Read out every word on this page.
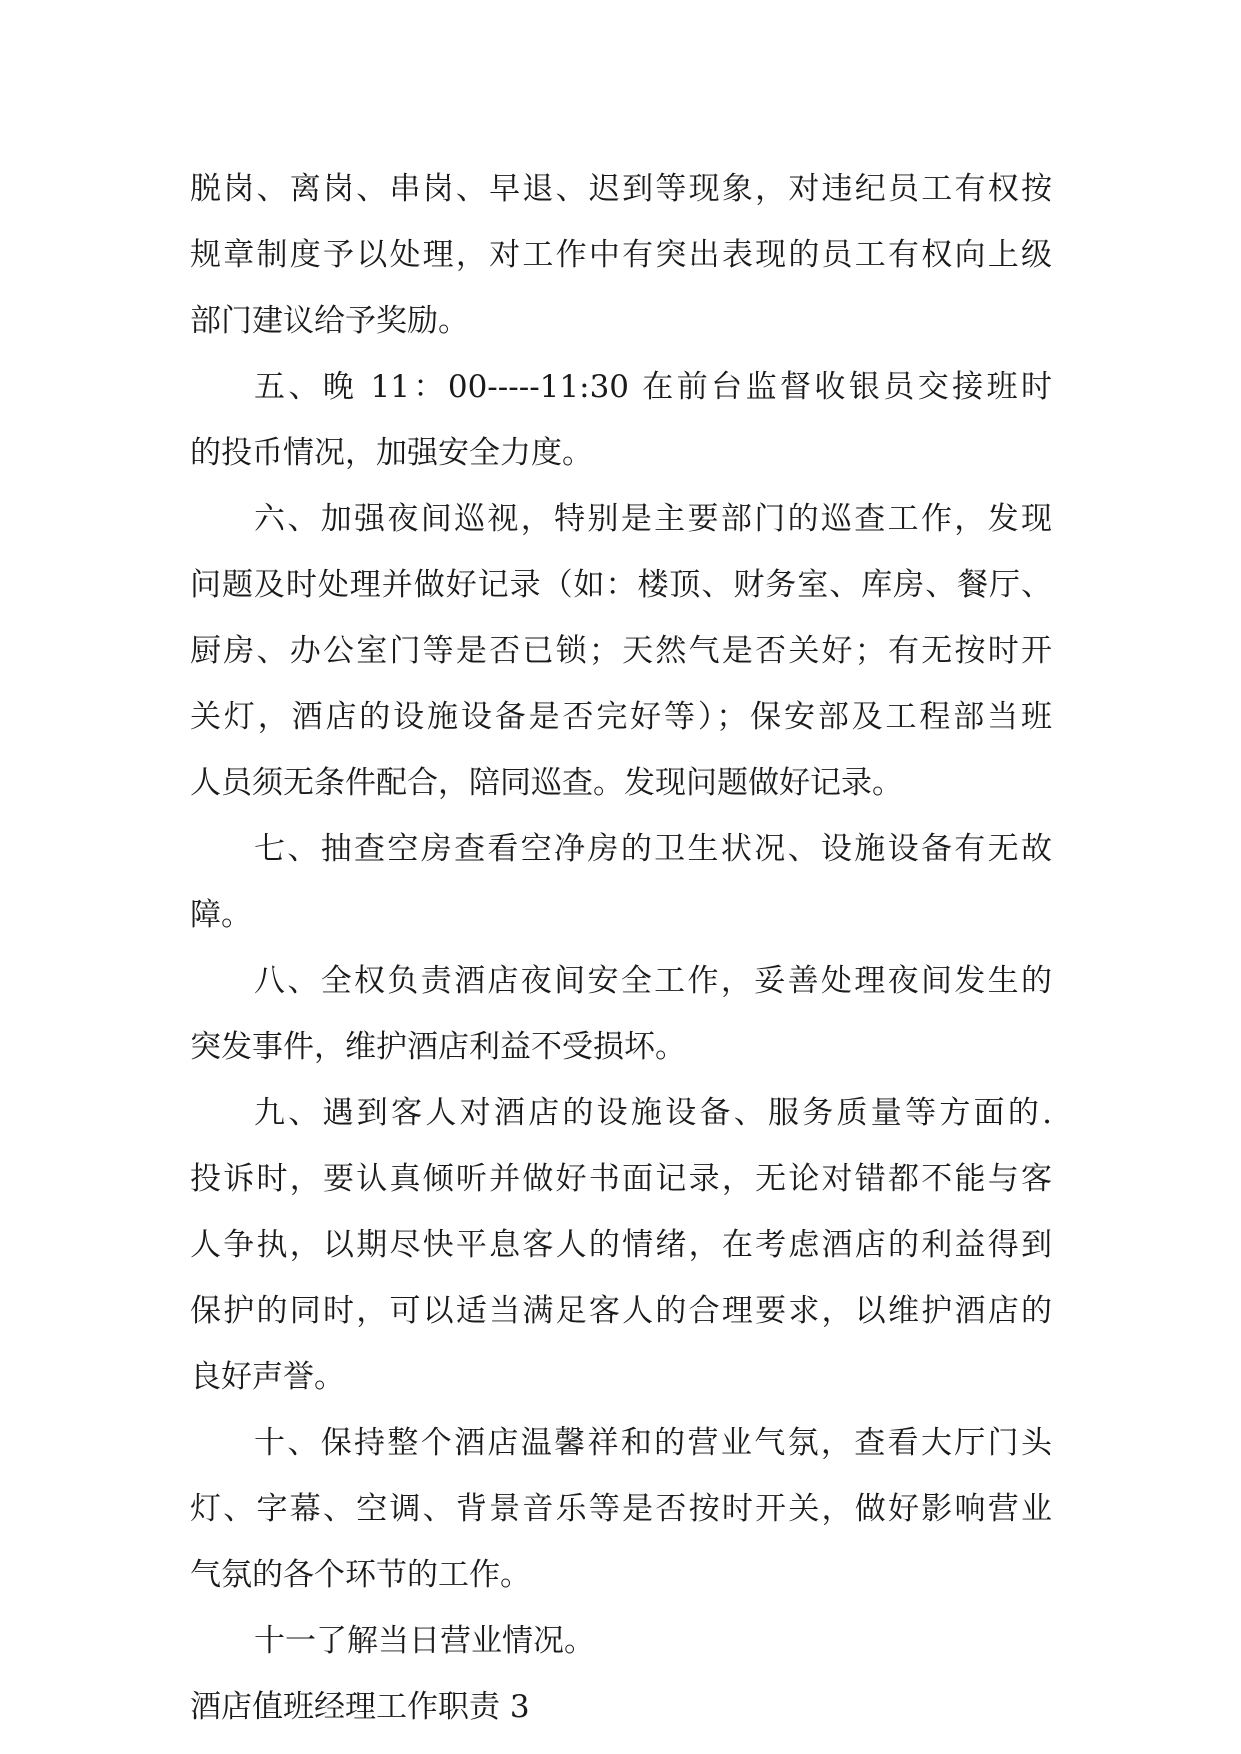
脱岗、离岗、串岗、早退、迟到等现象，对违纪员工有权按
规章制度予以处理，对工作中有突出表现的员工有权向上级
部门建议给予奖励。
五、晚 11：00-----11:30 在前台监督收银员交接班时
的投币情况，加强安全力度。
六、加强夜间巡视，特别是主要部门的巡查工作，发现
问题及时处理并做好记录（如：楼顶、财务室、库房、餐厅、
厨房、办公室门等是否已锁；天然气是否关好；有无按时开
关灯，酒店的设施设备是否完好等）；保安部及工程部当班
人员须无条件配合，陪同巡查。发现问题做好记录。
七、抽查空房查看空净房的卫生状况、设施设备有无故
障。
八、全权负责酒店夜间安全工作，妥善处理夜间发生的
突发事件，维护酒店利益不受损坏。
九、遇到客人对酒店的设施设备、服务质量等方面的.
投诉时，要认真倾听并做好书面记录，无论对错都不能与客
人争执，以期尽快平息客人的情绪，在考虑酒店的利益得到
保护的同时，可以适当满足客人的合理要求，以维护酒店的
良好声誉。
十、保持整个酒店温馨祥和的营业气氛，查看大厅门头
灯、字幕、空调、背景音乐等是否按时开关，做好影响营业
气氛的各个环节的工作。
十一了解当日营业情况。
酒店值班经理工作职责 3
